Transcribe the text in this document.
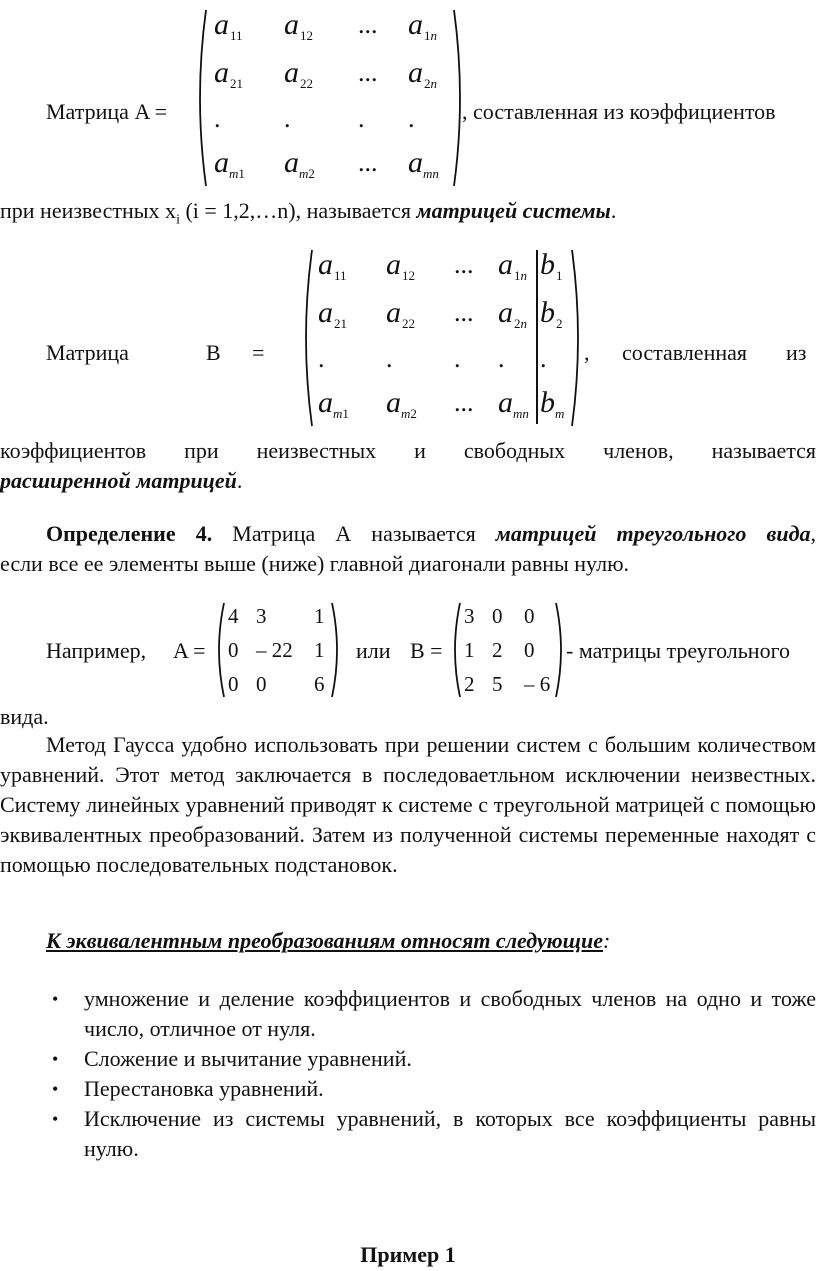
Матрица A =
$a_{11}$ $a_{12}$ ... $a_{1n}$
$a_{21}$ $a_{22}$ ... $a_{2n}$
. .	. .
$a_{m1}$ $a_{m2}$ ... $a_{mn}$
, составленная из коэффициентов
при неизвестных $x_i$ (i = 1,2,…n), называется матрицей системы.
Матрица	B =
$a_{11}$ $a_{12}$ ... $a_{1n}$ $b_1$
$a_{21}$ $a_{22}$ ... $a_{2n}$ $b_2$
. . . . .
$a_{m1}$ $a_{m2}$ ... $a_{mn}$ $b_m$
, составленная из
коэффициентов при неизвестных и свободных членов, называется
расширенной матрицей.
Определение 4. Матрица А называется матрицей треугольного вида,
если все ее элементы выше (ниже) главной диагонали равны нулю.
Например, A =
4 3 1
0 – 22 1
0 0 6
или B =
3 0 0
1 2 0
2 5 – 6
- матрицы треугольного
вида.
Метод Гаусса удобно использовать при решении систем с большим количеством уравнений. Этот метод заключается в последоваетльном исключении неизвестных. Систему линейных уравнений приводят к системе с треугольной матрицей с помощью эквивалентных преобразований. Затем из полученной системы переменные находят с помощью последовательных подстановок.
К эквивалентным преобразованиям относят следующие:
• умножение и деление коэффициентов и свободных членов на одно и тоже число, отличное от нуля.
• Сложение и вычитание уравнений.
• Перестановка уравнений.
• Исключение из системы уравнений, в которых все коэффициенты равны нулю.
Пример 1
